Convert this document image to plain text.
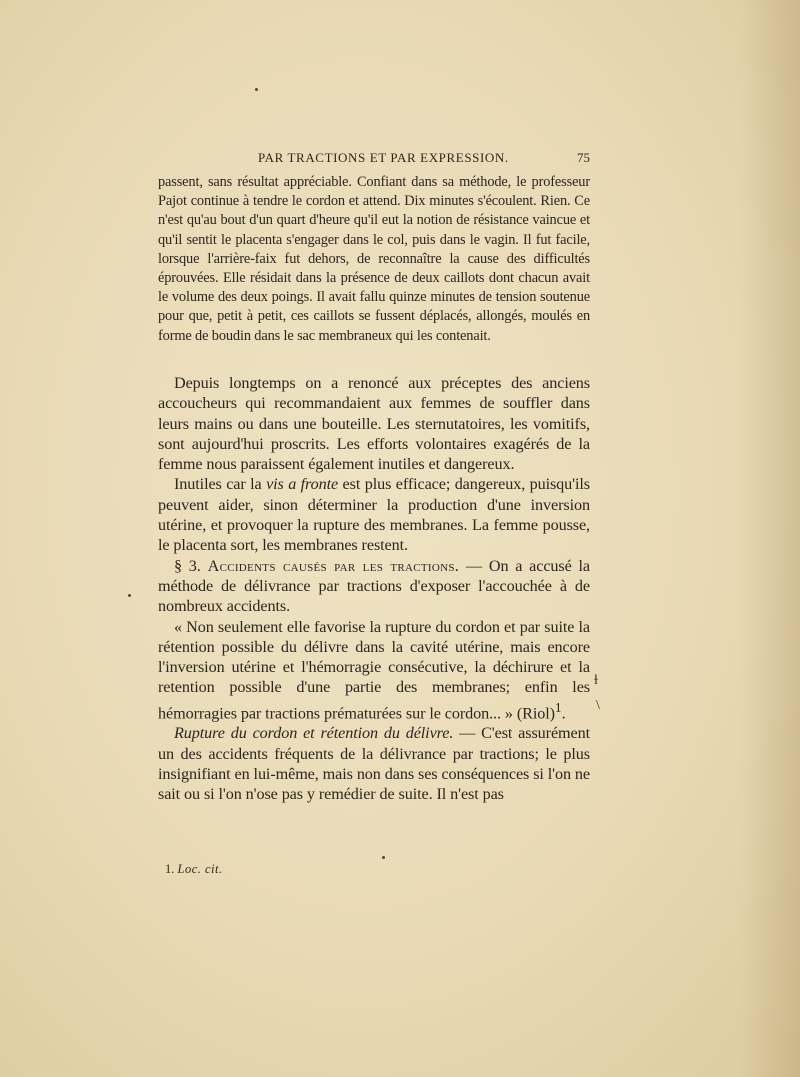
PAR TRACTIONS ET PAR EXPRESSION.	75

passent, sans résultat appréciable. Confiant dans sa méthode, le professeur Pajot continue à tendre le cordon et attend. Dix minutes s'écoulent. Rien. Ce n'est qu'au bout d'un quart d'heure qu'il eut la notion de résistance vaincue et qu'il sentit le placenta s'engager dans le col, puis dans le vagin. Il fut facile, lorsque l'arrière-faix fut dehors, de reconnaître la cause des difficultés éprouvées. Elle résidait dans la présence de deux caillots dont chacun avait le volume des deux poings. Il avait fallu quinze minutes de tension soutenue pour que, petit à petit, ces caillots se fussent déplacés, allongés, moulés en forme de boudin dans le sac membraneux qui les contenait.

Depuis longtemps on a renoncé aux préceptes des anciens accoucheurs qui recommandaient aux femmes de souffler dans leurs mains ou dans une bouteille. Les sternutatoires, les vomitifs, sont aujourd'hui proscrits. Les efforts volontaires exagérés de la femme nous paraissent également inutiles et dangereux.

Inutiles car la vis a fronte est plus efficace; dangereux, puisqu'ils peuvent aider, sinon déterminer la production d'une inversion utérine, et provoquer la rupture des membranes. La femme pousse, le placenta sort, les membranes restent.

§ 3. Accidents causés par les tractions. — On a accusé la méthode de délivrance par tractions d'exposer l'accouchée à de nombreux accidents.

« Non seulement elle favorise la rupture du cordon et par suite la rétention possible du délivre dans la cavité utérine, mais encore l'inversion utérine et l'hémorragie consécutive, la déchirure et la retention possible d'une partie des membranes; enfin les hémorragies par tractions prématurées sur le cordon... » (Riol)$^1$.

Rupture du cordon et rétention du délivre. — C'est assurément un des accidents fréquents de la délivrance par tractions; le plus insignifiant en lui-même, mais non dans ses conséquences si l'on ne sait ou si l'on n'ose pas y remédier de suite. Il n'est pas

1. Loc. cit.
ɫ
\
